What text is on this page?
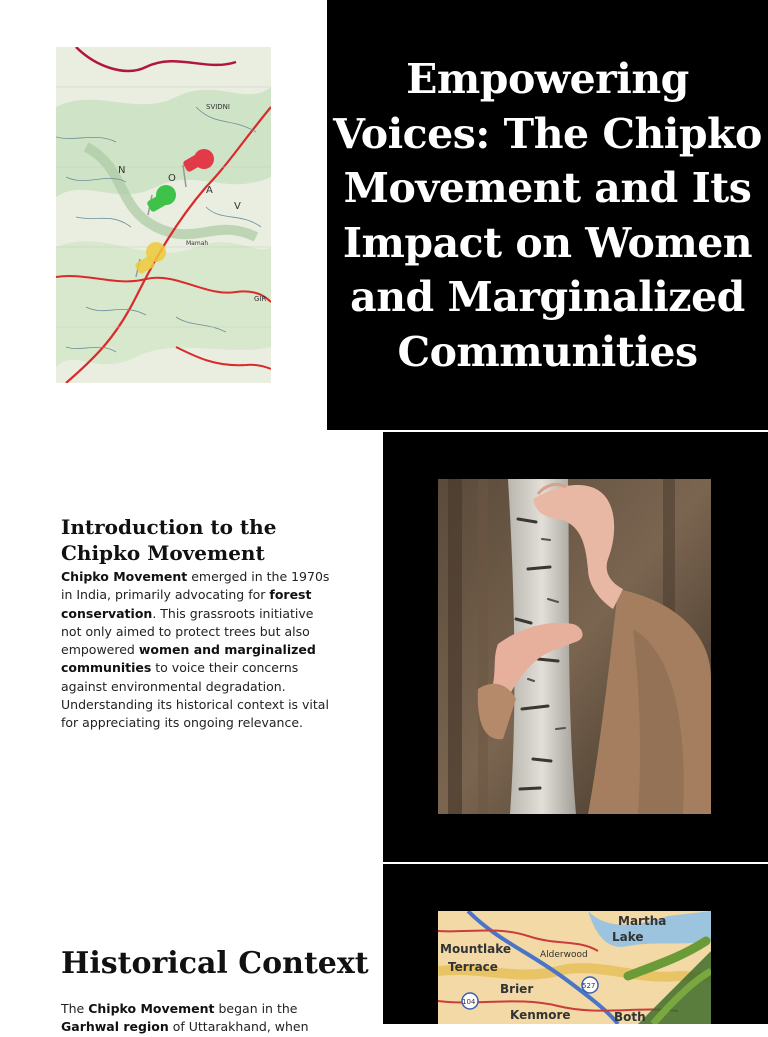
Empowering Voices: The Chipko Movement and Its Impact on Women and Marginalized Communities
SVIDNI
N
O
A
V
Mamah
GIR
Introduction to the Chipko Movement

Chipko Movement emerged in the 1970s in India, primarily advocating for forest conservation. This grassroots initiative not only aimed to protect trees but also empowered women and marginalized communities to voice their concerns against environmental degradation. Understanding its historical context is vital for appreciating its ongoing relevance.

Historical Context

The Chipko Movement began in the Garhwal region of Uttarakhand, when

Martha
Lake
Mountlake
Terrace
Brier
Alderwood
Kenmore	Both
104
527
